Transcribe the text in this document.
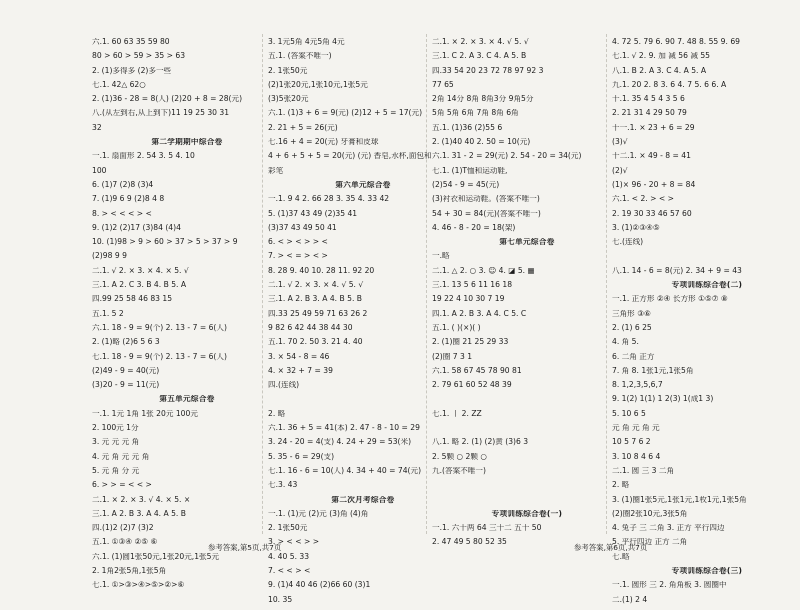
六.1. 60 63 35 59 80
80 > 60 > 59 > 35 > 63
2. (1)多得多 (2)多一些
七.1. 42△ 62○
2. (1)36 - 28 = 8(人) (2)20 + 8 = 28(元)
八.(从左到右,从上到下)11 19 25 30 31
32
第二学期期中综合卷
一.1. 扇面形 2. 54 3. 5 4. 10
100
6. (1)7 (2)8 (3)4
7. (1)9 6 9 (2)8 4 8
8. > < < < > <
9. (1)2 (2)17 (3)84 (4)4
10. (1)98 > 9 > 60 > 37 > 5 > 37 > 9
(2)98 9 9
二.1. √ 2. × 3. × 4. × 5. √
三.1. A 2. C 3. B 4. B 5. A
四.99 25 58 46 83 15
五.1. 5 2
六.1. 18 - 9 = 9(个) 2. 13 - 7 = 6(人)
2. (1)略 (2)6 5 6 3
七.1. 18 - 9 = 9(个) 2. 13 - 7 = 6(人)
(2)49 - 9 = 40(元)
(3)20 - 9 = 11(元)
第五单元综合卷
一.1. 1元 1角 1张 20元 100元
2. 100元 1分
3. 元 元 元 角
4. 元 角 元 元 角
5. 元 角 分 元
6. > > = < < >
二.1. × 2. × 3. √ 4. × 5. ×
三.1. A 2. B 3. A 4. A 5. B
四.(1)2 (2)7 (3)2
五.1. ①③④ ②⑤ ⑥
六.1. (1)圆1张50元,1张20元,1张5元
2. 1角2张5角,1张5角
七.1. ①>③>④>⑤>②>⑥
3. 1元5角 4元5角 4元
五.1. (答案不唯一)
2. 1张50元
(2)1张20元,1张10元,1张5元
(3)5张20元
六.1. (1)3 + 6 = 9(元) (2)12 + 5 = 17(元)
2. 21 + 5 = 26(元)
七.16 + 4 = 20(元) 牙膏和皮球
4 + 6 + 5 + 5 = 20(元) (元) 香皂,水杯,面包和
彩笔
第六单元综合卷
一.1. 9 4 2. 66 28 3. 35 4. 33 42
5. (1)37 43 49 (2)35 41
(3)37 43 49 50 41
6. < > < > > <
7. > < = > < >
8. 28 9. 40 10. 28 11. 92 20
二.1. √ 2. × 3. × 4. √ 5. √
三.1. A 2. B 3. A 4. B 5. B
四.33 25 49 59 71 63 26 2
9 82 6 42 44 38 44 30
五.1. 70 2. 50 3. 21 4. 40
3. × 54 - 8 = 46
4. × 32 + 7 = 39
四.(连线)
2. 略
六.1. 36 + 5 = 41(本) 2. 47 - 8 - 10 = 29
3. 24 - 20 = 4(支) 4. 24 + 29 = 53(米)
5. 35 - 6 = 29(支)
七.1. 16 - 6 = 10(人) 4. 34 + 40 = 74(元)
七.3. 43
第二次月考综合卷
一.1. (1)元 (2)元 (3)角 (4)角
2. 1张50元
3. > < < > >
4. 40 5. 33
7. < < > <
9. (1)4 40 46 (2)66 60 (3)1
10. 35
二.1. × 2. × 3. × 4. √ 5. √
三.1. C 2. A 3. C 4. A 5. B
四.33 54 20 23 72 78 97 92 3
77 65
2角 14分 8角 8角3分 9角5分
5角 5角 6角 7角 8角 6角
五.1. (1)36 (2)55 6
2. (1)40 40 2. 50 = 10(元)
六.1. 31 - 2 = 29(元) 2. 54 - 20 = 34(元)
七.1. (1)T恤和运动鞋,
(2)54 - 9 = 45(元)
(3)衬衣和运动鞋。(答案不唯一)
54 + 30 = 84(元)(答案不唯一)
4. 46 - 8 - 20 = 18(架)
第七单元综合卷
一.略
二.1. △ 2. ○ 3. ☺ 4. ◪ 5. ▦
三.1. 13 5 6 11 16 18
19 22 4 10 30 7 19
四.1. A 2. B 3. A 4. C 5. C
五.1. ( )(×)( )
2. (1)圈 21 25 29 33
(2)圈 7 3 1
六.1. 58 67 45 78 90 81
2. 79 61 60 52 48 39
七.1. ⼁ 2. ZZ
八.1. 略 2. (1) (2)黄 (3)6 3
2. 5颗 ○ 2颗 ○
九.(答案不唯一)
专项训练综合卷(一)
一.1. 六十两 64 三十二 五十 50
2. 47 49 5 80 52 35
4. 72 5. 79 6. 90 7. 48 8. 55 9. 69
七.1. √ 2. 9. 加 减 56 减 55
八.1. B 2. A 3. C 4. A 5. A
九.1. 20 2. 8 3. 6 4. 7 5. 6 6. A
十.1. 35 4 5 4 3 5 6
2. 21 31 4 29 50 79
十一.1. × 23 + 6 = 29
(3)√
十二.1. × 49 - 8 = 41
(2)√
(1)× 96 - 20 + 8 = 84
六.1. < 2. > < >
2. 19 30 33 46 57 60
3. (1)②③④⑤
七.(连线)
八.1. 14 - 6 = 8(元) 2. 34 + 9 = 43
专项训练综合卷(二)
一.1. 正方形 ②④ 长方形 ①⑤⑦ ⑧
三角形 ③⑥
2. (1) 6 25
4. 角 5.
6. 二角 正方
7. 角 8. 1张1元,1张5角
8. 1,2,3,5,6,7
9. 1(2) 1(1) 1 2(3) 1(成1 3)
5. 10 6 5
元 角 元 角 元
10 5 7 6 2
3. 10 8 4 6 4
二.1. 圆 三 3 二角
2. 略
3. (1)圈1张5元,1张1元,1枚1元,1张5角
(2)圈2张10元,3张5角
4. 兔子 三 二角 3. 正方 平行四边
5. 平行四边 正方 二角
七.略
专项训练综合卷(三)
一.1. 圆形 三 2. 角角板 3. 圆圈中
二.(1) 2 4
参考答案,第5页,共7页	参考答案,第6页,共7页
